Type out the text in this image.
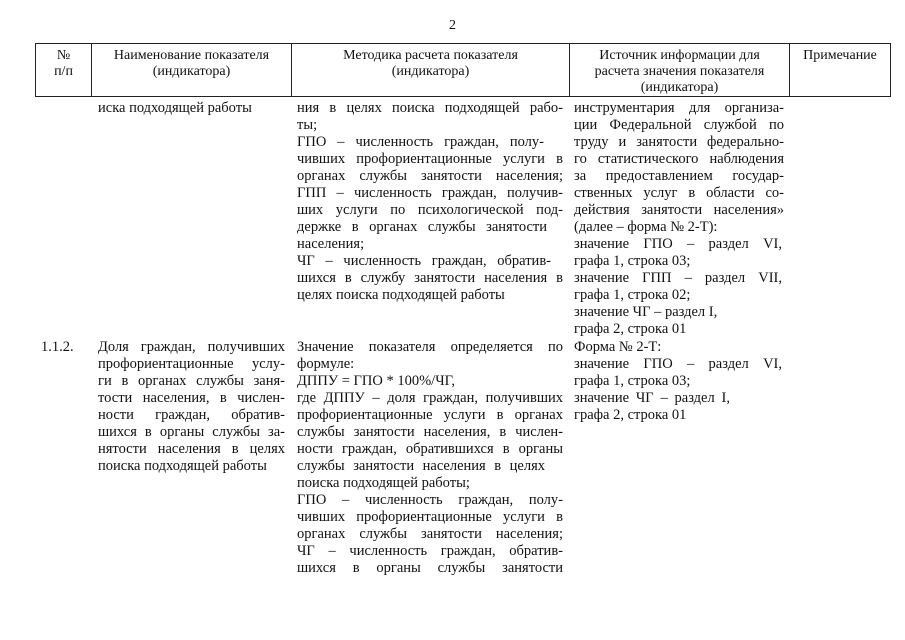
2
№
п/п
Наименование показателя
(индикатора)
Методика расчета показателя
(индикатора)
Источник информации для
расчета значения показателя
(индикатора)
Примечание
иска подходящей работы	ния в целях поиска подходящей рабо-
ты;
ГПО – численность граждан, полу-
чивших профориентационные услуги в
органах службы занятости населения;
ГПП – численность граждан, получив-
ших услуги по психологической под-
держке в органах службы занятости
населения;
ЧГ – численность граждан, обратив-
шихся в службу занятости населения в
целях поиска подходящей работы
инструментария для организа-
ции Федеральной службой по
труду и занятости федерально-
го статистического наблюдения
за предоставлением государ-
ственных услуг в области со-
действия занятости населения»
(далее – форма № 2-Т):
значение ГПО – раздел VI,
графа 1, строка 03;
значение ГПП – раздел VII,
графа 1, строка 02;
значение ЧГ – раздел I,
графа 2, строка 01
1.1.2. Доля граждан, получивших
профориентационные услу-
ги в органах службы заня-
тости населения, в числен-
ности граждан, обратив-
шихся в органы службы за-
нятости населения в целях
поиска подходящей работы
Значение показателя определяется по
формуле:
ДППУ = ГПО * 100%/ЧГ,
где ДППУ – доля граждан, получивших
профориентационные услуги в органах
службы занятости населения, в числен-
ности граждан, обратившихся в органы
службы занятости населения в целях
поиска подходящей работы;
ГПО – численность граждан, полу-
чивших профориентационные услуги в
органах службы занятости населения;
ЧГ – численность граждан, обратив-
шихся в органы службы занятости
Форма № 2-Т:
значение ГПО – раздел VI,
графа 1, строка 03;
значение ЧГ – раздел I,
графа 2, строка 01
